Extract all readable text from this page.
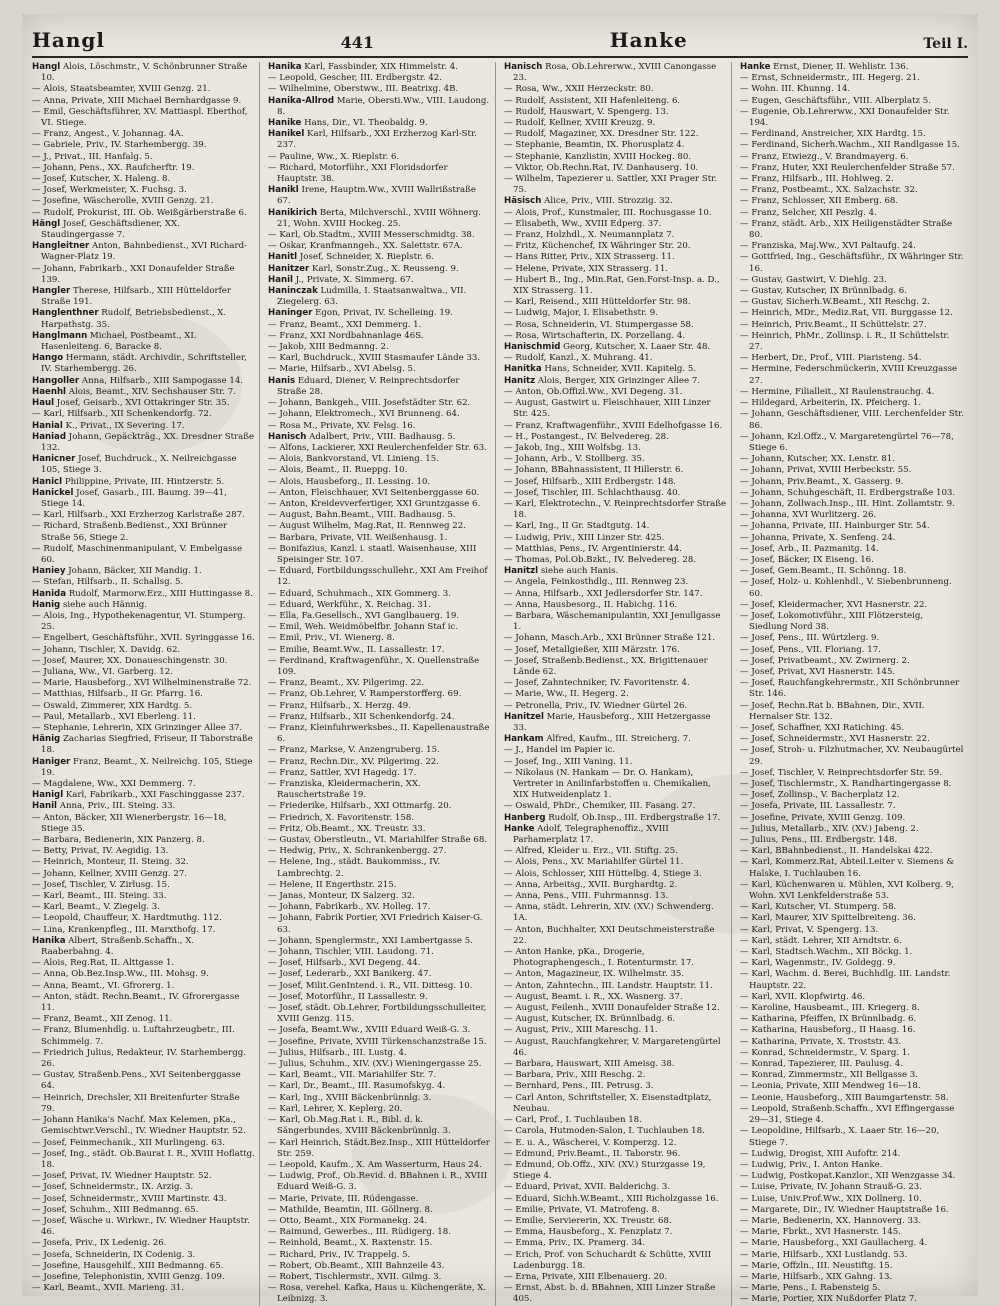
Hangl	441	Hanke	Teil I.

Hangl Alois, Löschmstr., V. Schönbrunner Straße 10.

— Alois, Staatsbeamter, XVIII Genzg. 21.

— Anna, Private, XIII Michael Bernhardgasse 9.

— Emil, Geschäftsführer, XV. Mattiaspl. Eberthof, VI. Stiege.

— Franz, Angest., V. Johannag. 4A.

— Gabriele, Priv., IV. Starhembergg. 39.

— J., Privat., III. Hanfalg. 5.

— Johann, Pens., XX. Raufcherftr. 19.

— Josef, Kutscher, X. Haleng. 8.

— Josef, Werkmeister, X. Fuchsg. 3.

— Josefine, Wäscherolle, XVIII Genzg. 21.

— Rudolf, Prokurist, III. Ob. Weißgärberstraße 6.

Hängl Josef, Geschäftsdiener, XX. Staudingergasse 7.

Hangleitner Anton, Bahnbedienst., XVI Richard-Wagner-Platz 19.

— Johann, Fabrikarb., XXI Donaufelder Straße 139.

Hangler Therese, Hilfsarb., XIII Hütteldorfer Straße 191.

Hanglenthner Rudolf, Betriebsbedienst., X. Harpathstg. 35.

Hanglmann Michael, Postbeamt., XI. Hasenleiteng. 6, Baracke 8.

Hango Hermann, städt. Archivdir., Schriftsteller, IV. Starhembergg. 26.

Hangoller Anna, Hilfsarb., XIII Sampogasse 14.

Haenhl Alois, Beamt., XIV. Sechshauser Str. 7.

Haul Josef, Geisarb., XVI Ottakringer Str. 35.

— Karl, Hilfsarb., XII Schenkendorfg. 72.

Hanial K., Privat., IX Severing. 17.

Haniad Johann, Gepäckträg., XX. Dresdner Straße 132.

Hanicner Josef, Buchdruck., X. Neilreichgasse 105, Stiege 3.

Hanicl Philippine, Private, III. Hintzerstr. 5.

Hanickel Josef, Gasarb., III. Baumg. 39—41, Stiege 14.

— Karl, Hilfsarb., XXI Erzherzog Karlstraße 287.

— Richard, Straßenb.Bedienst., XXI Brünner Straße 56, Stiege 2.

— Rudolf, Maschinenmanipulant, V. Embelgasse 60.

Haniey Johann, Bäcker, XII Mandig. 1.

— Stefan, Hilfsarb., II. Schallsg. 5.

Hanida Rudolf, Marmorw.Erz., XIII Huttingasse 8.

Hanig siehe auch Hännig.

— Alois, Ing., Hypothekenagentur, VI. Stumperg. 25.

— Engelbert, Geschäftsführ., XVII. Syringgasse 16.

— Johann, Tischler, X. Davidg. 62.

— Josef, Maurer, XX. Donaueschingenstr. 30.

— Juliana, Ww., VI. Garberg. 12.

— Marie, Hausbeforg., XVI Wilhelminenstraße 72.

— Matthias, Hilfsarb., II Gr. Pfarrg. 16.

— Oswald, Zimmerer, XIX Hardtg. 5.

— Paul, Metallarb., XVI Eberleng. 11.

— Stephanie, Lehrerin, XIX Grinzinger Allee 37.

Hänig Zacharias Siegfried, Friseur, II Taborstraße 18.

Haniger Franz, Beamt., X. Neilreichg. 105, Stiege 19.

— Magdalene, Ww., XXI Demmerg. 7.

Hanigl Karl, Fabrikarb., XXI Faschinggasse 237.

Hanil Anna, Priv., III. Steing. 33.

— Anton, Bäcker, XII Wienerbergstr. 16—18, Stiege 35.

— Barbara, Bedienerin, XIX Panzerg. 8.

— Betty, Privat, IV. Aegidig. 13.

— Heinrich, Monteur, II. Steing. 32.

— Johann, Kellner, XVIII Genzg. 27.

— Josef, Tischler, V. Zirlusg. 15.

— Karl, Beamt., III. Steing. 33.

— Karl, Beamt., V. Ziegelg. 3.

— Leopold, Chauffeur, X. Hardtmuthg. 112.

— Lina, Krankenpfleg., III. Marxthofg. 17.

Hanika Albert, Straßenb.Schaffn., X. Raaberbahng. 4.

— Alois, Reg.Rat, II. Alttgasse 1.

— Anna, Ob.Bez.Insp.Ww., III. Mohsg. 9.

— Anna, Beamt., VI. Gfrorerg. 1.

— Anton, städt. Rechn.Beamt., IV. Gfrorergasse 11.

— Franz, Beamt., XII Zenog. 11.

— Franz, Blumenhdlg. u. Luftahrzeugbetr., III. Schimmelg. 7.

— Friedrich Julius, Redakteur, IV. Starhembergg. 26.

— Gustav, Straßenb.Pens., XVI Seitenberggasse 64.

— Heinrich, Drechsler, XII Breitenfurter Straße 79.

— Johann Hanika's Nachf. Max Kelemen, pKa., Gemischtwr.Verschl., IV. Wiedner Hauptstr. 52.

— Josef, Feinmechanik., XII Murlingeng. 63.

— Josef, Ing., städt. Ob.Baurat I. R., XVIII Hoflattg. 18.

— Josef, Privat, IV. Wiedner Hauptstr. 52.

— Josef, Schneidermstr., IX. Arzig. 3.

— Josef, Schneidermstr., XVIII Martinstr. 43.

— Josef, Schuhm., XIII Bedmanng. 65.

— Josef, Wäsche u. Wirkwr., IV. Wiedner Hauptstr. 46.

— Josefa, Priv., IX Ledenig. 26.

— Josefa, Schneiderin, IX Codenig. 3.

— Josefine, Hausgehilf., XIII Bedmanng. 65.

— Josefine, Telephonistin, XVIII Genzg. 109.

— Karl, Beamt., XVII. Marieng. 31.

Hanika Karl, Fassbinder, XIX Himmelstr. 4.

— Leopold, Gescher, III. Erdbergstr. 42.

— Wilhelmine, Oberstww., III. Beatrixg. 4B.

Hanika-Allrod Marie, Obersti.Ww., VIII. Laudong. 8.

Hanike Hans, Dir., VI. Theobaldg. 9.

Hanikel Karl, Hilfsarb., XXI Erzherzog Karl-Str. 237.

— Pauline, Ww., X. Rieplstr. 6.

— Richard, Motorführ., XXI Floridsdorfer Hauptstr. 38.

Hanikl Irene, Hauptm.Ww., XVIII Wallrißstraße 67.

Hanikirich Berta, Milchverschl., XVIII Wöhnerg. 21, Wohn. XVIII Hockeg. 25.

— Karl, Ob.Stadtm., XVIII Messerschmidtg. 38.

— Oskar, Kranfmanngeh., XX. Salettstr. 67A.

Hanitl Josef, Schneider, X. Rieplstr. 6.

Hanitzer Karl, Sonstr.Zug., X. Reusseng. 9.

Hanil J., Private, X. Simmerg. 67.

Haninczak Ludmilla, I. Staatsanwaltwa., VII. Ziegelerg. 63.

Haninger Egon, Privat, IV. Schelleing. 19.

— Franz, Beamt., XXI Demmerg. 1.

— Franz, XXI Nordbahnanlage 46S.

— Jakob, XIII Bedmanng. 2.

— Karl, Buchdruck., XVIII Stasmaufer Lände 33.

— Marie, Hilfsarb., XVI Abelsg. 5.

Hanis Eduard, Diener, V. Reinprechtsdorfer Straße 28.

— Johann, Bankgeh., VIII. Josefstädter Str. 62.

— Johann, Elektromech., XVI Brunneng. 64.

— Rosa M., Private, XV. Felsg. 16.

Hanisch Adalbert, Priv., VIII. Badhausg. 5.

— Alfons, Lackierer, XXI Reulerchenfelder Str. 63.

— Alois, Bankvorstand, VI. Linieng. 15.

— Alois, Beamt., II. Rueppg. 10.

— Alois, Hausbeforg., II. Lessing. 10.

— Anton, Fleischhauer, XVI Seitenberggasse 60.

— Anton, Kreidevverfertiger, XXI Gruntzgasse 6.

— August, Bahn.Beamt., VIII. Badhausg. 5.

— August Wilhelm, Mag.Rat, II. Rennweg 22.

— Barbara, Private, VII. Weißenhausg. 1.

— Bonifazius, Kanzl. i. staatl. Waisenhause, XIII Speisinger Str. 107.

— Eduard, Fortbildungsschullehr., XXI Am Freihof 12.

— Eduard, Schuhmach., XIX Gommerg. 3.

— Eduard, Werkführ., X. Reichag. 31.

— Ella, Fa.Gesellsch., XVI Ganglbauerg. 19.

— Emil, Weh. Weidmöbelfbr. Johann Staf ic.

— Emil, Priv., VI. Wienerg. 8.

— Emilie, Beamt.Ww., II. Lassallestr. 17.

— Ferdinand, Kraftwagenführ., X. Quellenstraße 109.

— Franz, Beamt., XV. Pilgerimg. 22.

— Franz, Ob.Lehrer, V. Ramperstorfferg. 69.

— Franz, Hilfsarb., X. Herzg. 49.

— Franz, Hilfsarb., XII Schenkendorfg. 24.

— Franz, Kleinfuhrwerksbes., II. Kapellenaustraße 6.

— Franz, Markse, V. Anzengruberg. 15.

— Franz, Rechn.Dir., XV. Pilgerimg. 22.

— Franz, Sattler, XVI Hagedg. 17.

— Franziska, Kleidermacherin, XX. Rauschertstraße 19.

— Friederike, Hilfsarb., XXI Ottmarfg. 20.

— Friedrich, X. Favoritenstr. 158.

— Fritz, Ob.Beamt., XX. Treustr. 33.

— Gustav, Oberstleutn., VI. Mariahilfer Straße 68.

— Hedwig, Priv., X. Schrankenbergg. 27.

— Helene, Ing., städt. Baukommiss., IV. Lambrechtg. 2.

— Helene, II Engerthstr. 215.

— Janas, Monteur, IX Salzerg. 32.

— Johann, Fabrikarb., XV. Holleg. 17.

— Johann, Fabrik Portier, XVI Friedrich Kaiser-G. 63.

— Johann, Spenglermstr., XXI Lambertgasse 5.

— Johann, Tischler, VIII. Laudong. 71.

— Josef, Hilfsarb., XVI Degeng. 44.

— Josef, Lederarb., XXI Banikerg. 47.

— Josef, Milit.GenIntend. i. R., VII. Dittesg. 10.

— Josef, Motorführ., II Lassallestr. 9.

— Josef, städt. Ob.Lehrer, Fortbildungsschulleiter, XVIII Genzg. 115.

— Josefa, Beamt.Ww., XVIII Eduard Weiß-G. 3.

— Josefine, Private, XVIII Türkenschanzstraße 15.

— Julius, Hilfsarb., III. Lustg. 4.

— Julius, Schuhm., XIV. (XV.) Wieningergasse 25.

— Karl, Beamt., VII. Mariahilfer Str. 7.

— Karl, Dr., Beamt., III. Rasumofskyg. 4.

— Karl, Ing., XVIII Bäckenbrünnlg. 3.

— Karl, Lehrer, X. Keplerg. 20.

— Karl, Ob.Mag.Rat i. R., Bibl. d. k. Sängerbundes, XVIII Bäckenbrünnlg. 3.

— Karl Heinrich, Städt.Bez.Insp., XIII Hütteldorfer Str. 259.

— Leopold, Kaufm., X. Am Wasserturm, Haus 24.

— Ludwig, Prof., Ob.Revid. d. BBahnen i. R., XVIII Eduard Weiß-G. 3.

— Marie, Private, III. Rüdengasse.

— Mathilde, Beamtin, III. Göllnerg. 8.

— Otto, Beamt., XIX Formanekg. 24.

— Raimund, Gewerbes., III. Rüdigerg. 18.

— Reinhold, Beamt., X. Raxtenstr. 15.

— Richard, Priv., IV. Trappelg. 5.

— Robert, Ob.Beamt., XIII Bahnzeile 43.

— Robert, Tischlermstr., XVII. Gilmg. 3.

— Rosa, verehel. Kafka, Haus u. Küchengeräte, X. Leibnizg. 3.

Hanisch Rosa, Ob.Lehrerww., XVIII Canongasse 23.

— Rosa, Ww., XXII Herzeckstr. 80.

— Rudolf, Assistent, XII Hafenleiteng. 6.

— Rudolf, Hauswart, V. Spengerg. 13.

— Rudolf, Kellner, XVIII Kreuzg. 9.

— Rudolf, Magaziner, XX. Dresdner Str. 122.

— Stephanie, Beamtin, IX. Phorusplatz 4.

— Stephanie, Kanzlistin, XVIII Hockeg. 80.

— Viktor, Ob.Rechn.Rat, IV. Danhauserg. 10.

— Wilhelm, Tapezierer u. Sattler, XXI Prager Str. 75.

Häsisch Alice, Priv., VIII. Strozzig. 32.

— Alois, Prof., Kunstmaler, III. Rochusgasse 10.

— Elisabeth, Ww., XVIII Edperg. 37.

— Franz, Holzhdl., X. Neumannplatz 7.

— Fritz, Küchenchef, IX Währinger Str. 20.

— Hans Ritter, Priv., XIX Strasserg. 11.

— Helene, Private, XIX Strasserg. 11.

— Hubert B., Ing., Min.Rat, Gen.Forst-Insp. a. D., XIX Strasserg. 11.

— Karl, Reisend., XIII Hütteldorfer Str. 98.

— Ludwig, Major, I. Elisabethstr. 9.

— Rosa, Schneiderin, VI. Stumpergasse 58.

— Rosa, Wirtschafterin, IX. Porzellang. 4.

Hanischmid Georg, Kutscher, X. Laaer Str. 48.

— Rudolf, Kanzl., X. Muhrang. 41.

Hanitka Hans, Schneider, XVII. Kapitelg. 5.

Hanitz Alois, Berger, XIX Grinzinger Allee 7.

— Anton, Ob.Offizl.Ww., XVI Degeng. 31.

— August, Gastwirt u. Fleischhauer, XIII Linzer Str. 425.

— Franz, Kraftwagenführ., XVIII Edelhofgasse 16.

— H., Postangest., IV. Belvedereg. 28.

— Jakob, Ing., XIII Wolfsbg. 13.

— Johann, Arb., V. Stollberg. 35.

— Johann, BBahnassistent, II Hillerstr. 6.

— Josef, Hilfsarb., XIII Erdbergstr. 148.

— Josef, Tischler, III. Schlachthausg. 40.

— Karl, Elektrotechn., V. Reinprechtsdorfer Straße 18.

— Karl, Ing., II Gr. Stadtgutg. 14.

— Ludwig, Priv., XIII Linzer Str. 425.

— Matthias, Pens., IV. Argentinierstr. 44.

— Thomas, Pol.Ob.Bzkt., IV. Belvedereg. 28.

Hanitzl siehe auch Hanis.

— Angela, Feinkosthdlg., III. Rennweg 23.

— Anna, Hilfsarb., XXI Jedlersdorfer Str. 147.

— Anna, Hausbesorg., II. Habichg. 116.

— Barbara, Wäschemanipulantin, XXI Jenullgasse 1.

— Johann, Masch.Arb., XXI Brünner Straße 121.

— Josef, Metallgießer, XIII Märzstr. 176.

— Josef, Straßenb.Bedienst., XX. Brigittenauer Lände 62.

— Josef, Zahntechniker, IV. Favoritenstr. 4.

— Marie, Ww., II. Hegerg. 2.

— Petronella, Priv., IV. Wiedner Gürtel 26.

Hanitzel Marie, Hausbeforg., XIII Hetzergasse 33.

Hankam Alfred, Kaufm., III. Streicherg. 7.

— J., Handel im Papier ic.

— Josef, Ing., XIII Vaning. 11.

— Nikolaus (N. Hankam — Dr. O. Hankam), Vertreter in Anilinfarbstoffen u. Chemikalien, XIX Hutweidenplatz 1.

— Oswald, PhDr., Chemiker, III. Fasang. 27.

Hanberg Rudolf, Ob.Insp., III. Erdbergstraße 17.

Hanke Adolf, Telegraphenoffiz., XVIII Parhamerplatz 17.

— Alfred, Kleider u. Erz., VII. Stiftg. 25.

— Alois, Pens., XV. Mariahilfer Gürtel 11.

— Alois, Schlosser, XIII Hüttelbg. 4, Stiege 3.

— Anna, Arbeitsg., XVII. Burghardtg. 2.

— Anna, Pens., VIII. Fuhrmannsg. 13.

— Anna, städt. Lehrerin, XIV. (XV.) Schwenderg. 1A.

— Anton, Buchhalter, XXI Deutschmeisterstraße 22.

— Anton Hanke, pKa., Drogerie, Photographengesch., I. Rotenturmstr. 17.

— Anton, Magazineur, IX. Wilhelmstr. 35.

— Anton, Zahntechn., III. Landstr. Hauptstr. 11.

— August, Beamt. i. R., XX. Wasnerg. 37.

— August, Feilenh., XVIII Donaufelder Straße 12.

— August, Kutscher, IX. Brünnlbadg. 6.

— August, Priv., XIII Mareschg. 11.

— August, Rauchfangkehrer, V. Margaretengürtel 46.

— Barbara, Hauswart, XIII Ameisg. 38.

— Barbara, Priv., XIII Reschg. 2.

— Bernhard, Pens., III. Petrusg. 3.

— Carl Anton, Schriftsteller, X. Eisenstadtplatz, Neubau.

— Carl, Prof., I. Tuchlauben 18.

— Carola, Hutmoden-Salon, I. Tuchlauben 18.

— E. u. A., Wäscherei, V. Komperzg. 12.

— Edmund, Priv.Beamt., II. Taborstr. 96.

— Edmund, Ob.Offz., XIV. (XV.) Sturzgasse 19, Stiege 4.

— Eduard, Privat, XVII. Balderichg. 3.

— Eduard, Sichh.W.Beamt., XIII Richolzgasse 16.

— Emilie, Private, VI. Matrofeng. 8.

— Emilie, Serviererin, XX. Treustr. 68.

— Emma, Hausbeforg., X. Fenzplatz 7.

— Emma, Priv., IX. Pramerg. 34.

— Erich, Prof. von Schuchardt & Schütte, XVIII Ladenburgg. 18.

— Erna, Private, XIII Elbenauerg. 20.

— Ernst, Abst. b. d. BBahnen, XIII Linzer Straße 405.

Hanke Ernst, Diener, II. Wehlistr. 136.

— Ernst, Schneidermstr., III. Hegerg. 21.

— Wohn. III. Khunng. 14.

— Eugen, Geschäftsführ., VIII. Alberplatz 5.

— Eugenie, Ob.Lehrerww., XXI Donaufelder Str. 194.

— Ferdinand, Anstreicher, XIX Hardtg. 15.

— Ferdinand, Sicherh.Wachm., XII Randlgasse 15.

— Franz, Etwiezg., V. Brandmayerg. 6.

— Franz, Huter, XXI Reulerchenfelder Straße 57.

— Franz, Hilfsarb., III. Hohlweg. 2.

— Franz, Postbeamt., XX. Salzachstr. 32.

— Franz, Schlosser, XII Emberg. 68.

— Franz, Selcher, XII Peszlg. 4.

— Franz, städt. Arb., XIX Heiligenstädter Straße 80.

— Franziska, Maj.Ww., XVI Paltaufg. 24.

— Gottfried, Ing., Geschäftsführ., IX Währinger Str. 16.

— Gustav, Gastwirt, V. Diehlg. 23.

— Gustav, Kutscher, IX Brünnlbadg. 6.

— Gustav, Sicherh.W.Beamt., XII Reschg. 2.

— Heinrich, MDr., Mediz.Rat, VII. Burggasse 12.

— Heinrich, Priv.Beamt., II Schüttelstr. 27.

— Heinrich, PhMr., Zollinsp. i. R., II Schüttelstr. 27.

— Herbert, Dr., Prof., VIII. Piaristeng. 54.

— Hermine, Federschmückerin, XVIII Kreuzgasse 27.

— Hermine, Filialleit., XI Raulenstrauchg. 4.

— Hildegard, Arbeiterin, IX. Pfeicherg. 1.

— Johann, Geschäftsdiener, VIII. Lerchenfelder Str. 86.

— Johann, Kzl.Offz., V. Margaretengürtel 76—78, Stiege 6.

— Johann, Kutscher, XX. Lenstr. 81.

— Johann, Privat, XVIII Herbeckstr. 55.

— Johann, Priv.Beamt., X. Gasserg. 9.

— Johann, Schuhgeschäft, II. Erdbergstraße 103.

— Johann, Zollwach.Insp., III. Hint. Zollamtstr. 9.

— Johanna, XVI Wurlitzerg. 26.

— Johanna, Private, III. Hainburger Str. 54.

— Johanna, Private, X. Senfeng. 24.

— Josef, Arb., II. Pazmanitg. 14.

— Josef, Bäcker, IX Eiseng. 16.

— Josef, Gem.Beamt., II. Schönng. 18.

— Josef, Holz- u. Kohlenhdl., V. Siebenbrunneng. 60.

— Josef, Kleidermacher, XVI Hasnerstr. 22.

— Josef, Lokomotivführ., XIII Flötzersteig, Siedlung Nord 38.

— Josef, Pens., III. Würtzlerg. 9.

— Josef, Pens., VII. Floriang. 17.

— Josef, Privatbeamt., XV. Zwirnerg. 2.

— Josef, Privat, XVI Hasnerstr. 145.

— Josef, Rauchfangkehrermstr., XII Schönbrunner Str. 146.

— Josef, Rechn.Rat b. BBahnen, Dir., XVII. Hernalser Str. 132.

— Josef, Schaffner, XXI Ratiching. 45.

— Josef, Schneidermstr., XVI Hasnerstr. 22.

— Josef, Stroh- u. Filzhutmacher, XV. Neubaugürtel 29.

— Josef, Tischler, V. Reinprechtsdorfer Str. 59.

— Josef, Tischlermstr., X. Randhartingergasse 8.

— Josef, Zollinsp., V. Bacherplatz 12.

— Josefa, Private, III. Lassallestr. 7.

— Josefine, Private, XVIII Genzg. 109.

— Julius, Metallarb., XIV. (XV.) Jabeng. 2.

— Julius, Pens., III. Erdbergstr. 148.

— Karl, BBahnbedienst., II. Handelskai 422.

— Karl, Kommerz.Rat, Abteil.Leiter v. Siemens & Halske, I. Tuchlauben 16.

— Karl, Küchenwaren u. Mühlen, XVI Kolberg. 9, Wohn. XVI Lenkfelderstraße 53.

— Karl, Kutscher, VI. Stumperg. 58.

— Karl, Maurer, XIV Spittelbreiteng. 36.

— Karl, Privat, V. Spengerg. 13.

— Karl, städt. Lehrer, XII Arndtstr. 6.

— Karl, Stadtsch.Wachm., XII Böckg. 1.

— Karl, Wagenmstr., IV. Goldegg. 9.

— Karl, Wachm. d. Berei, Buchhdlg. III. Landstr. Hauptstr. 22.

— Karl, XVII. Klopfwirtg. 46.

— Karoline, Hausbeamt., III. Kriegerg. 8.

— Katharina, Pfeiffen, IX Brünnlbadg. 6.

— Katharina, Hausbeforg., II Haasg. 16.

— Katharina, Private, X. Troststr. 43.

— Konrad, Schneidermstr., V. Sparg. 1.

— Konrad, Tapezierer, III. Paulusg. 4.

— Konrad, Zimmermstr., XII Bellgasse 3.

— Leonia, Private, XIII Mendweg 16—18.

— Leonie, Hausbeforg., XIII Baumgartenstr. 58.

— Leopold, Straßenb.Schaffn., XVI Effingergasse 29—31, Stiege 4.

— Leopoldine, Hilfsarb., X. Laaer Str. 16—20, Stiege 7.

— Ludwig, Drogist, XIII Aufoftr. 214.

— Ludwig, Priv., I. Anton Hanke.

— Ludwig, Postkopat.Kanzlor., XII Wenzgasse 34.

— Luise, Private, IV. Johann Strauß-G. 23.

— Luise, Univ.Prof.Ww., XIX Dollnerg. 10.

— Margarete, Dir., IV. Wiedner Hauptstraße 16.

— Marie, Bedienerin, XX. Hannoverg. 33.

— Marie, Fbrkt., XVI Hasnerstr. 145.

— Marie, Hausbeforg., XXI Gaullacherg. 4.

— Marie, Hilfsarb., XXI Lustlandg. 53.

— Marie, Offzln., III. Neustiftg. 15.

— Marie, Hilfsarb., XIX Gahng. 13.

— Marie, Pens., I. Rabensteig 5.

— Marie, Portier, XIX Nußdorfer Platz 7.
